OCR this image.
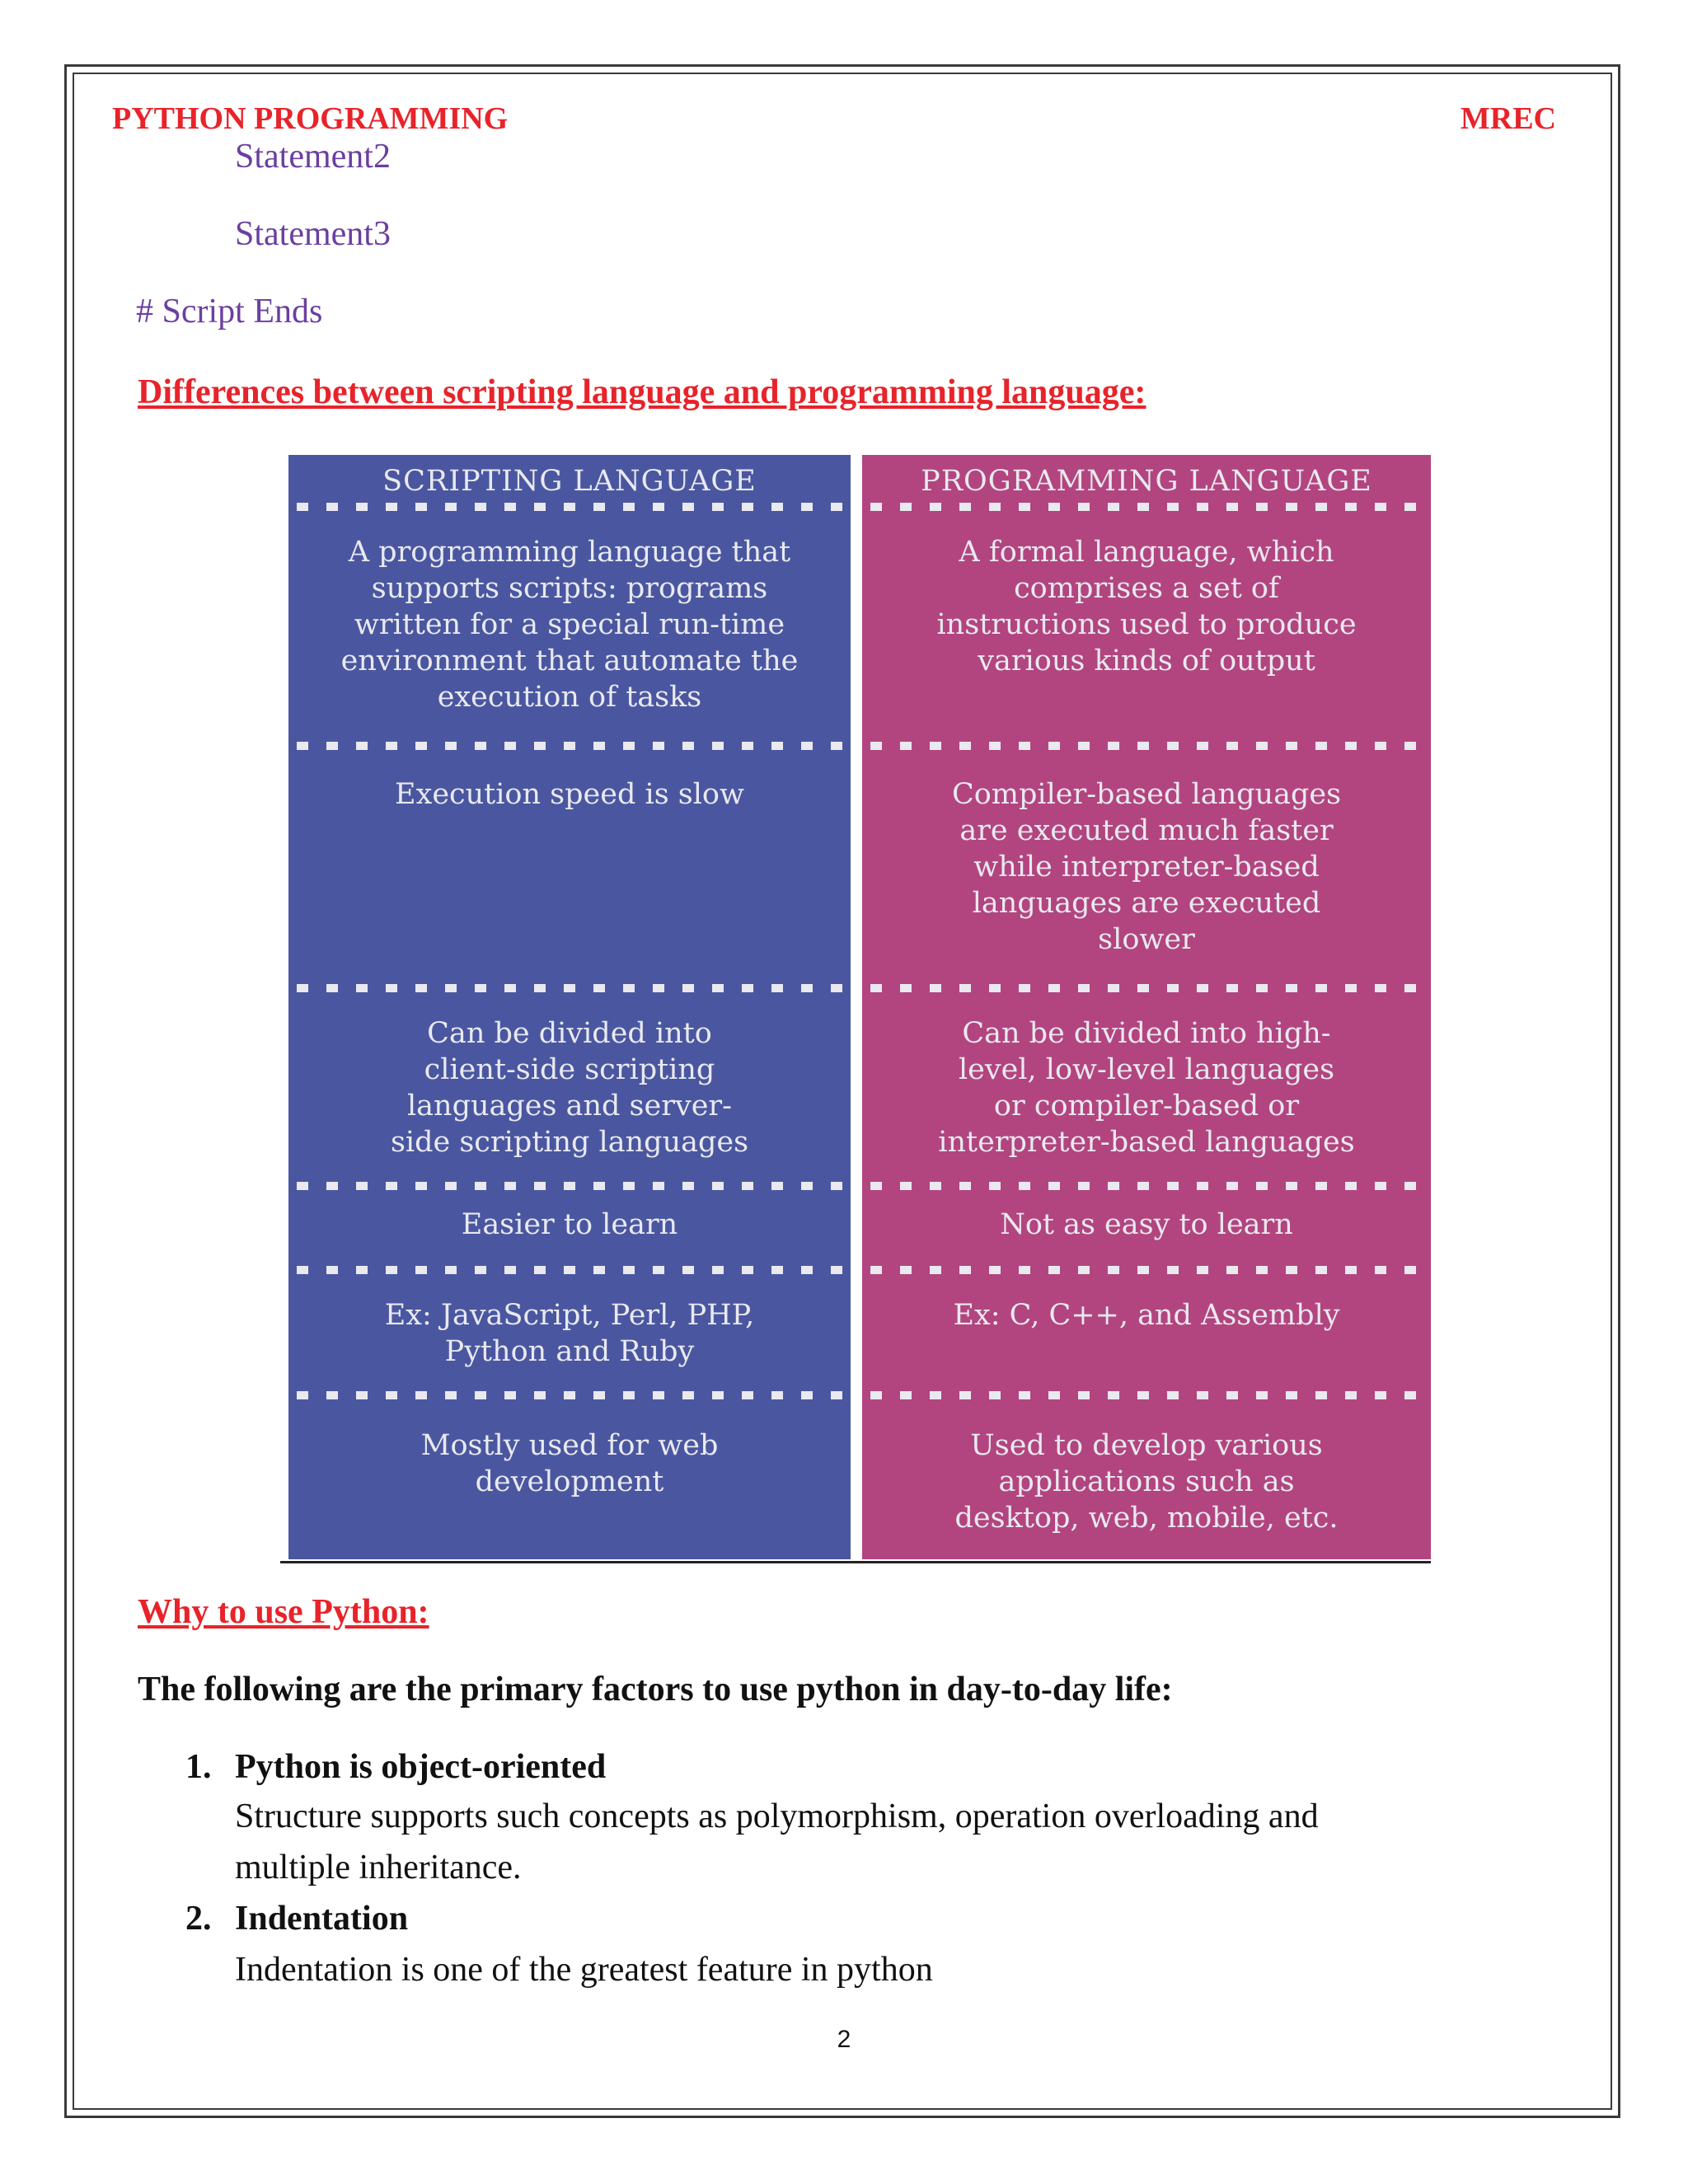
PYTHON PROGRAMMING	MREC
Statement2
Statement3
# Script Ends
Differences between scripting language and programming language:
SCRIPTING LANGUAGE
A programming language that
supports scripts: programs
written for a special run-time
environment that automate the
execution of tasks
Execution speed is slow
Can be divided into
client-side scripting
languages and server-
side scripting languages
Easier to learn
Ex: JavaScript, Perl, PHP,
Python and Ruby
Mostly used for web
development
PROGRAMMING LANGUAGE
A formal language, which
comprises a set of
instructions used to produce
various kinds of output
Compiler-based languages
are executed much faster
while interpreter-based
languages are executed
slower
Can be divided into high-
level, low-level languages
or compiler-based or
interpreter-based languages
Not as easy to learn
Ex: C, C++, and Assembly
Used to develop various
applications such as
desktop, web, mobile, etc.
Why to use Python:
The following are the primary factors to use python in day-to-day life:
1. Python is object-oriented
Structure supports such concepts as polymorphism, operation overloading and
multiple inheritance.
2. Indentation
Indentation is one of the greatest feature in python
2
